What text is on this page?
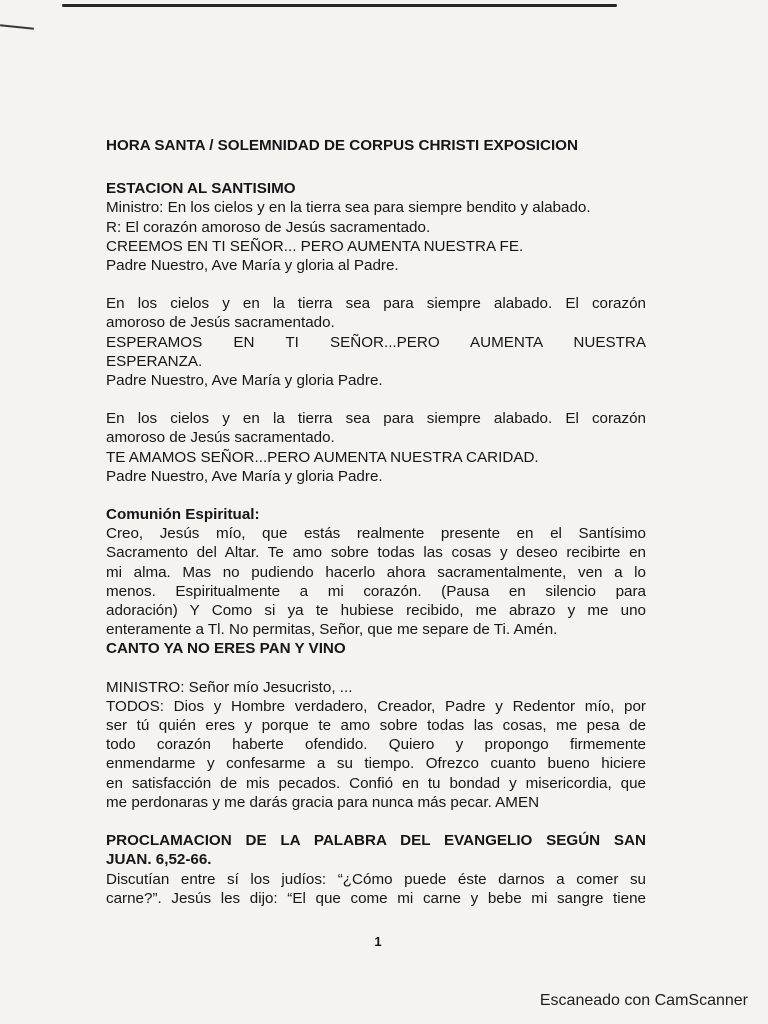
HORA SANTA / SOLEMNIDAD DE CORPUS CHRISTI EXPOSICION

ESTACION AL SANTISIMO

Ministro: En los cielos y en la tierra sea para siempre bendito y alabado.

R: El corazón amoroso de Jesús sacramentado.

CREEMOS EN TI SEÑOR... PERO AUMENTA NUESTRA FE.

Padre Nuestro, Ave María y gloria al Padre.

En los cielos y en la tierra sea para siempre alabado. El corazón

amoroso de Jesús sacramentado.

ESPERAMOS EN TI SEÑOR...PERO AUMENTA NUESTRA

ESPERANZA.

Padre Nuestro, Ave María y gloria Padre.

En los cielos y en la tierra sea para siempre alabado. El corazón

amoroso de Jesús sacramentado.

TE AMAMOS SEÑOR...PERO AUMENTA NUESTRA CARIDAD.

Padre Nuestro, Ave María y gloria Padre.

Comunión Espiritual:

Creo, Jesús mío, que estás realmente presente en el Santísimo

Sacramento del Altar. Te amo sobre todas las cosas y deseo recibirte en

mi alma. Mas no pudiendo hacerlo ahora sacramentalmente, ven a lo

menos. Espiritualmente a mi corazón. (Pausa en silencio para

adoración) Y Como si ya te hubiese recibido, me abrazo y me uno

enteramente a Tl. No permitas, Señor, que me separe de Ti. Amén.

CANTO YA NO ERES PAN Y VINO

MINISTRO: Señor mío Jesucristo, ...

TODOS: Dios y Hombre verdadero, Creador, Padre y Redentor mío, por

ser tú quién eres y porque te amo sobre todas las cosas, me pesa de

todo corazón haberte ofendido. Quiero y propongo firmemente

enmendarme y confesarme a su tiempo. Ofrezco cuanto bueno hiciere

en satisfacción de mis pecados. Confió en tu bondad y misericordia, que

me perdonaras y me darás gracia para nunca más pecar. AMEN

PROCLAMACION DE LA PALABRA DEL EVANGELIO SEGÚN SAN

JUAN. 6,52-66.

Discutían entre sí los judíos: “¿Cómo puede éste darnos a comer su

carne?”. Jesús les dijo: “El que come mi carne y bebe mi sangre tiene

1
Escaneado con CamScanner
